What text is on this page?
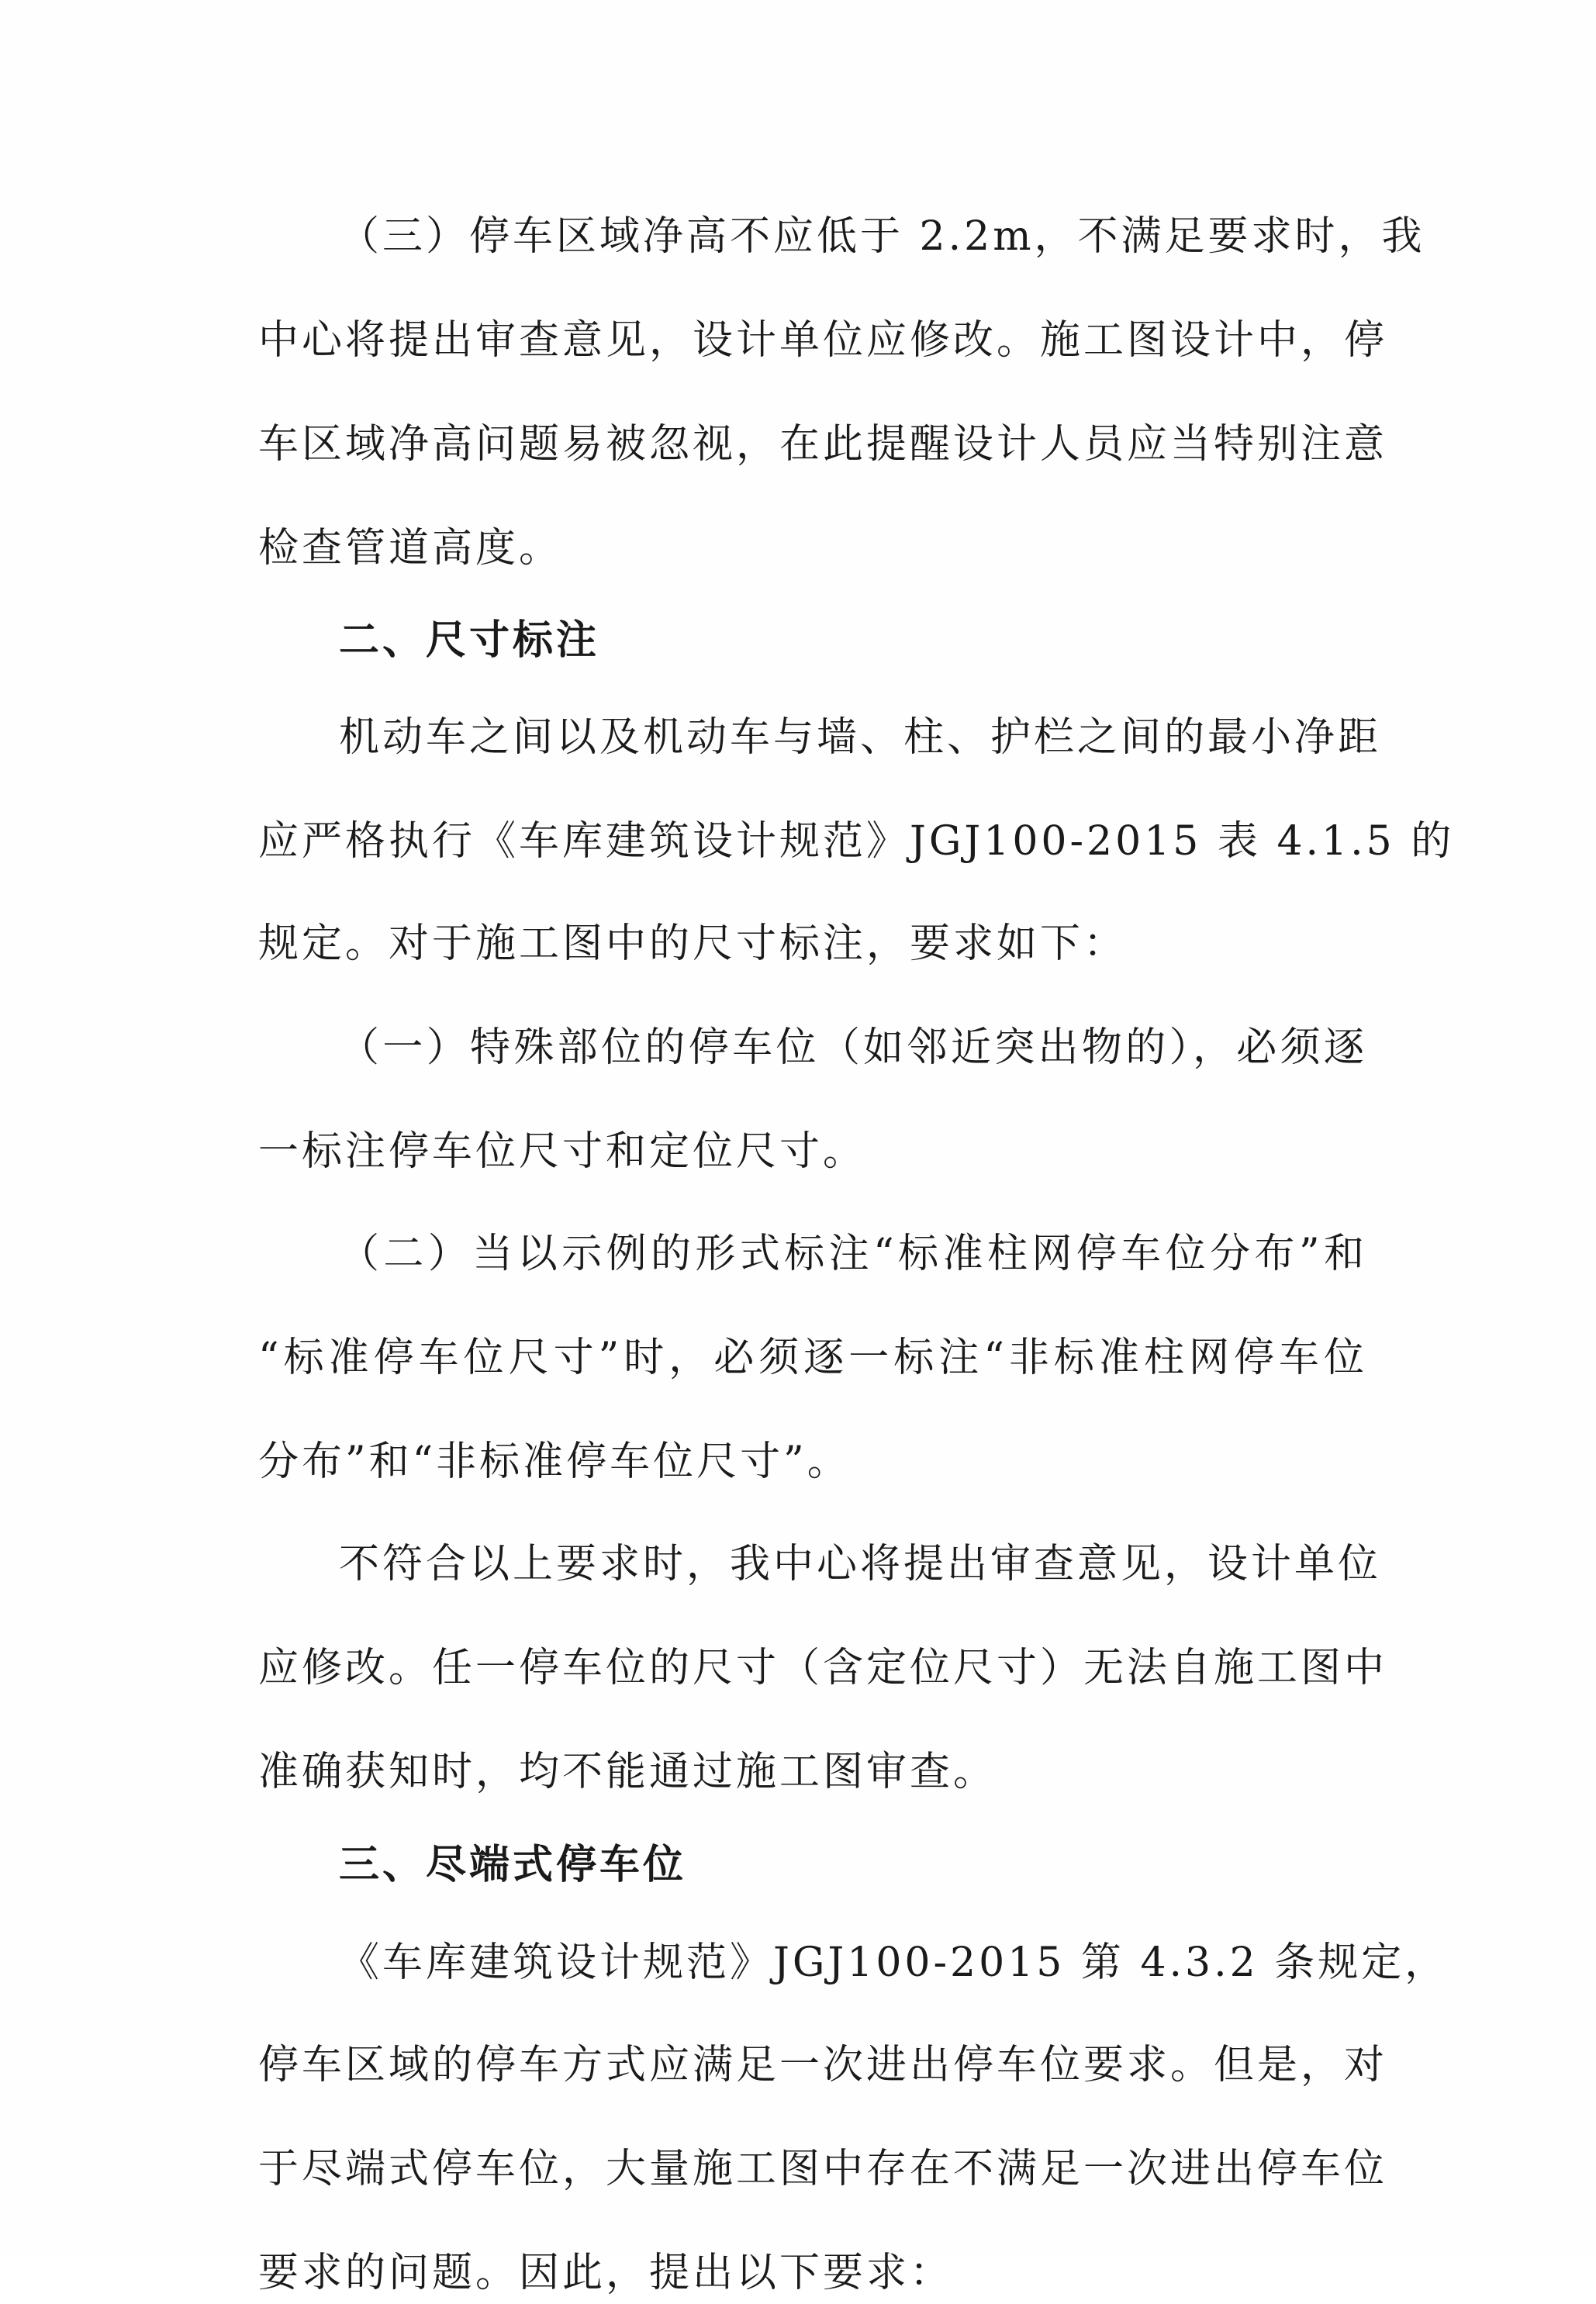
（三）停车区域净高不应低于 2.2m，不满足要求时，我
中心将提出审查意见，设计单位应修改。施工图设计中，停
车区域净高问题易被忽视，在此提醒设计人员应当特别注意
检查管道高度。
二、尺寸标注
机动车之间以及机动车与墙、柱、护栏之间的最小净距
应严格执行《车库建筑设计规范》JGJ100-2015 表 4.1.5 的
规定。对于施工图中的尺寸标注，要求如下：
（一）特殊部位的停车位（如邻近突出物的），必须逐
一标注停车位尺寸和定位尺寸。
（二）当以示例的形式标注“标准柱网停车位分布”和
“标准停车位尺寸”时，必须逐一标注“非标准柱网停车位
分布”和“非标准停车位尺寸”。
不符合以上要求时，我中心将提出审查意见，设计单位
应修改。任一停车位的尺寸（含定位尺寸）无法自施工图中
准确获知时，均不能通过施工图审查。
三、尽端式停车位
《车库建筑设计规范》JGJ100-2015 第 4.3.2 条规定，
停车区域的停车方式应满足一次进出停车位要求。但是，对
于尽端式停车位，大量施工图中存在不满足一次进出停车位
要求的问题。因此，提出以下要求：
